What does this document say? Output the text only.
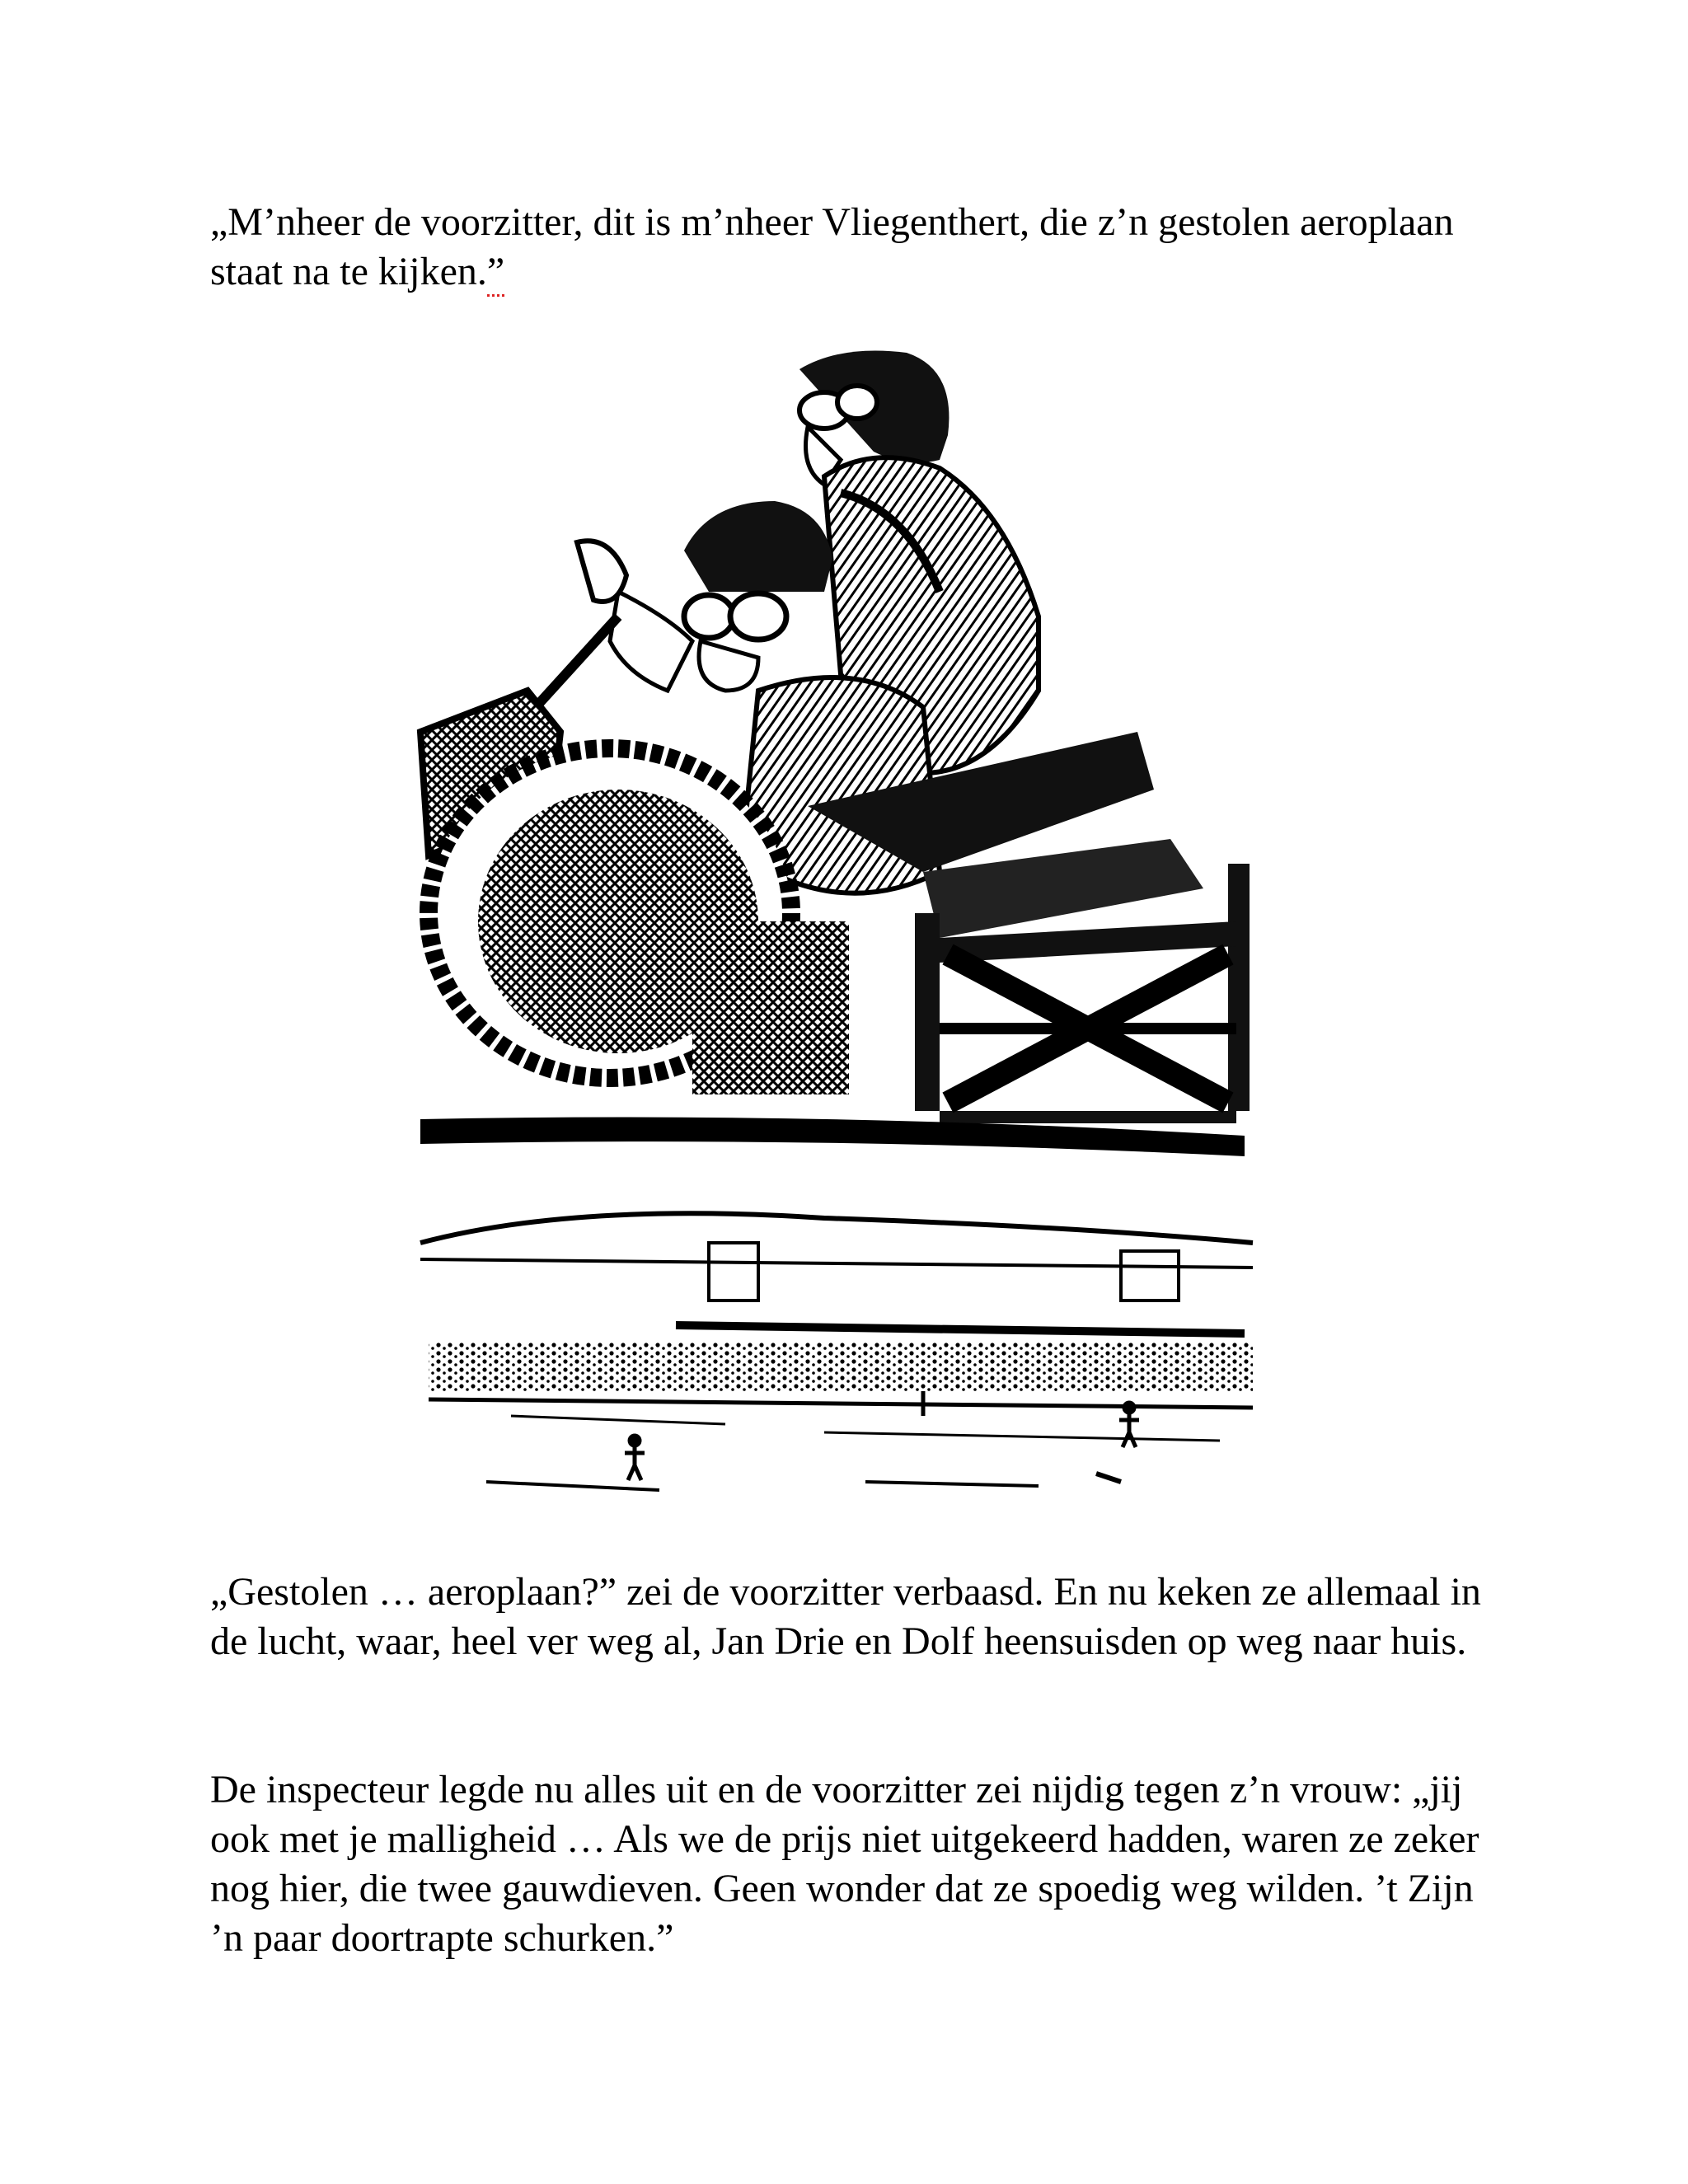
„M’nheer de voorzitter, dit is m’nheer Vliegenthert, die z’n gestolen aeroplaan staat na te kijken.”

„Gestolen … aeroplaan?” zei de voorzitter verbaasd. En nu keken ze allemaal in de lucht, waar, heel ver weg al, Jan Drie en Dolf heensuisden op weg naar huis.

De inspecteur legde nu alles uit en de voorzitter zei nijdig tegen z’n vrouw: „jij ook met je malligheid … Als we de prijs niet uitgekeerd hadden, waren ze zeker nog hier, die twee gauwdieven. Geen wonder dat ze spoedig weg wilden. ’t Zijn ’n paar doortrapte schurken.”
